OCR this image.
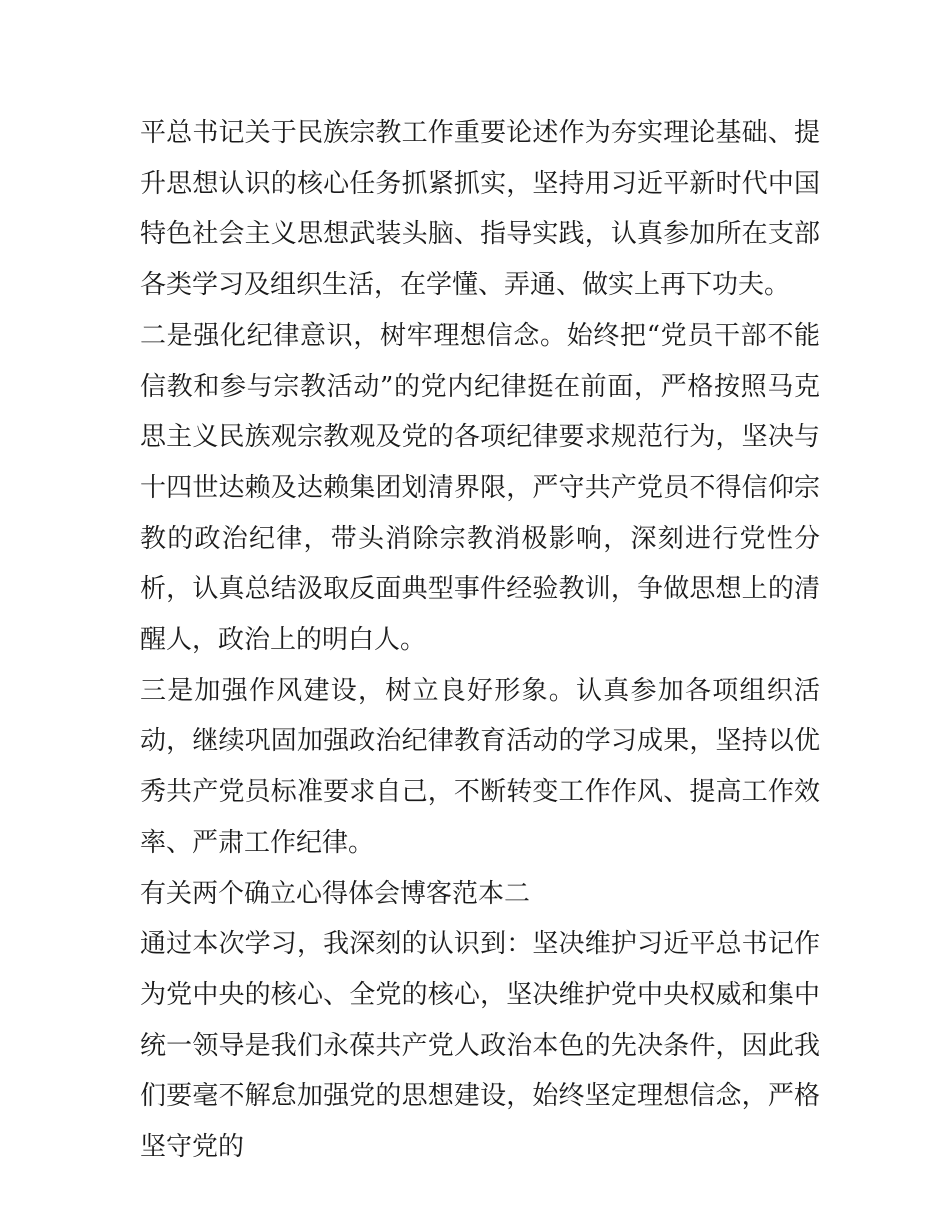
平总书记关于民族宗教工作重要论述作为夯实理论基础、提升思想认识的核心任务抓紧抓实，坚持用习近平新时代中国特色社会主义思想武装头脑、指导实践，认真参加所在支部各类学习及组织生活，在学懂、弄通、做实上再下功夫。

二是强化纪律意识，树牢理想信念。始终把“党员干部不能信教和参与宗教活动”的党内纪律挺在前面，严格按照马克思主义民族观宗教观及党的各项纪律要求规范行为，坚决与十四世达赖及达赖集团划清界限，严守共产党员不得信仰宗教的政治纪律，带头消除宗教消极影响，深刻进行党性分析，认真总结汲取反面典型事件经验教训，争做思想上的清醒人，政治上的明白人。

三是加强作风建设，树立良好形象。认真参加各项组织活动，继续巩固加强政治纪律教育活动的学习成果，坚持以优秀共产党员标准要求自己，不断转变工作作风、提高工作效率、严肃工作纪律。

有关两个确立心得体会博客范本二

通过本次学习，我深刻的认识到：坚决维护习近平总书记作为党中央的核心、全党的核心，坚决维护党中央权威和集中统一领导是我们永葆共产党人政治本色的先决条件，因此我们要毫不解怠加强党的思想建设，始终坚定理想信念，严格坚守党的
